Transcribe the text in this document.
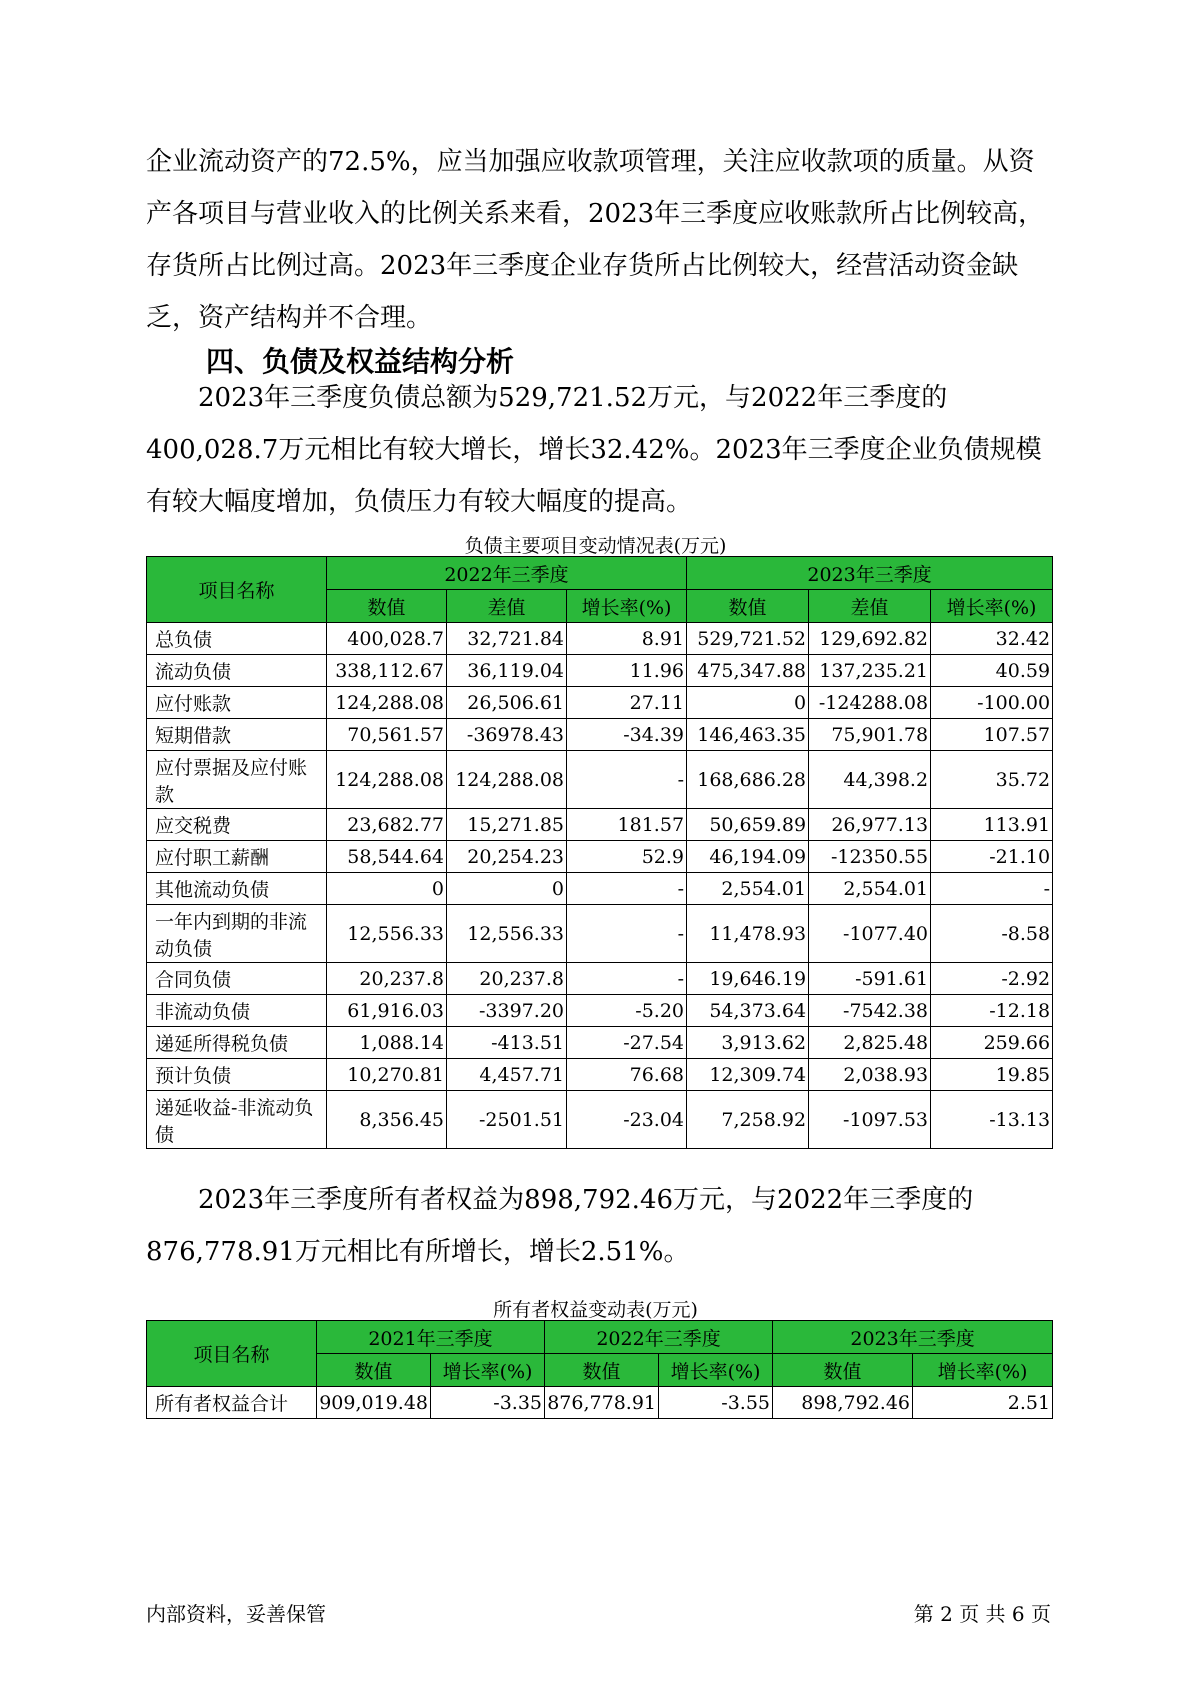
企业流动资产的72.5%，应当加强应收款项管理，关注应收款项的质量。从资产各项目与营业收入的比例关系来看，2023年三季度应收账款所占比例较高，存货所占比例过高。2023年三季度企业存货所占比例较大，经营活动资金缺乏，资产结构并不合理。

四、负债及权益结构分析

2023年三季度负债总额为529,721.52万元，与2022年三季度的400,028.7万元相比有较大增长，增长32.42%。2023年三季度企业负债规模有较大幅度增加，负债压力有较大幅度的提高。

负债主要项目变动情况表(万元)
项目名称	2022年三季度			2023年三季度		
	数值	差值	增长率(%)	数值	差值	增长率(%)
总负债	400,028.7	32,721.84	8.91	529,721.52	129,692.82	32.42
流动负债	338,112.67	36,119.04	11.96	475,347.88	137,235.21	40.59
应付账款	124,288.08	26,506.61	27.11	0	-124288.08	-100.00
短期借款	70,561.57	-36978.43	-34.39	146,463.35	75,901.78	107.57
应付票据及应付账款	124,288.08	124,288.08	-	168,686.28	44,398.2	35.72
应交税费	23,682.77	15,271.85	181.57	50,659.89	26,977.13	113.91
应付职工薪酬	58,544.64	20,254.23	52.9	46,194.09	-12350.55	-21.10
其他流动负债	0	0	-	2,554.01	2,554.01	-
一年内到期的非流动负债	12,556.33	12,556.33	-	11,478.93	-1077.40	-8.58
合同负债	20,237.8	20,237.8	-	19,646.19	-591.61	-2.92
非流动负债	61,916.03	-3397.20	-5.20	54,373.64	-7542.38	-12.18
递延所得税负债	1,088.14	-413.51	-27.54	3,913.62	2,825.48	259.66
预计负债	10,270.81	4,457.71	76.68	12,309.74	2,038.93	19.85
递延收益-非流动负债	8,356.45	-2501.51	-23.04	7,258.92	-1097.53	-13.13

2023年三季度所有者权益为898,792.46万元，与2022年三季度的876,778.91万元相比有所增长，增长2.51%。

所有者权益变动表(万元)
项目名称	2021年三季度		2022年三季度		2023年三季度	
	数值	增长率(%)	数值	增长率(%)	数值	增长率(%)
所有者权益合计	909,019.48	-3.35	876,778.91	-3.55	898,792.46	2.51
内部资料，妥善保管	第 2 页 共 6 页
